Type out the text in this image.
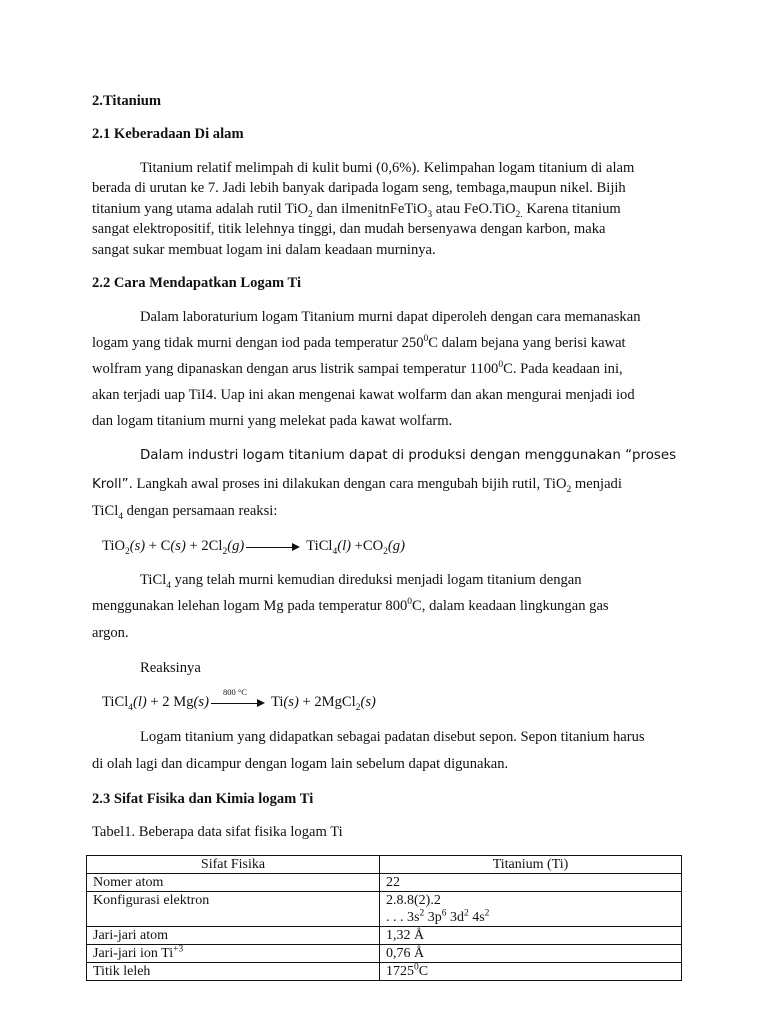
2.Titanium
2.1 Keberadaan Di alam
Titanium relatif melimpah di kulit bumi (0,6%). Kelimpahan logam titanium di alam
berada di urutan ke 7. Jadi lebih banyak daripada logam seng, tembaga,maupun nikel. Bijih
titanium yang utama adalah rutil TiO$_2$ dan ilmenitnFeTiO$_3$ atau FeO.TiO$_{2.}$ Karena titanium
sangat elektropositif, titik lelehnya tinggi, dan mudah bersenyawa dengan karbon, maka
sangat sukar membuat logam ini dalam keadaan murninya.
2.2 Cara Mendapatkan Logam Ti
Dalam laboraturium logam Titanium murni dapat diperoleh dengan cara memanaskan
logam yang tidak murni dengan iod pada temperatur $250^0C$ dalam bejana yang berisi kawat
wolfram yang dipanaskan dengan arus listrik sampai temperatur 1100$^0$C. Pada keadaan ini,
akan terjadi uap TiI4. Uap ini akan mengenai kawat wolfarm dan akan mengurai menjadi iod
dan logam titanium murni yang melekat pada kawat wolfarm.
Dalam industri logam titanium dapat di produksi dengan menggunakan “proses
Kroll”. Langkah awal proses ini dilakukan dengan cara mengubah bijih rutil, TiO$_2$ menjadi
TiCl$_4$ dengan persamaan reaksi:
$TiO_2(s) + C(s) + 2Cl_2(g)$	TiCl$_4$(l) $+CO_2(g)$
TiCl$_4$ yang telah murni kemudian direduksi menjadi logam titanium dengan
menggunakan lelehan logam Mg pada temperatur $800^0C$, dalam keadaan lingkungan gas
argon.
Reaksinya
TiCl$_4$(l) + 2 Mg(s)
800 °C
Ti(s) + 2MgCl$_2$(s)
Logam titanium yang didapatkan sebagai padatan disebut sepon. Sepon titanium harus
di olah lagi dan dicampur dengan logam lain sebelum dapat digunakan.
2.3 Sifat Fisika dan Kimia logam Ti
Tabel1. Beberapa data sifat fisika logam Ti
Sifat Fisika	Titanium (Ti)
Nomer atom	22
Konfigurasi elektron	2.8.8(2).2
. . . $3s^2$ $3p^6$ $3d^2$ $4s^2$

Jari-jari atom	1,32 Å
Jari-jari ion $Ti^{+3}$	0,76 Å
Titik leleh	1725$^0$C
